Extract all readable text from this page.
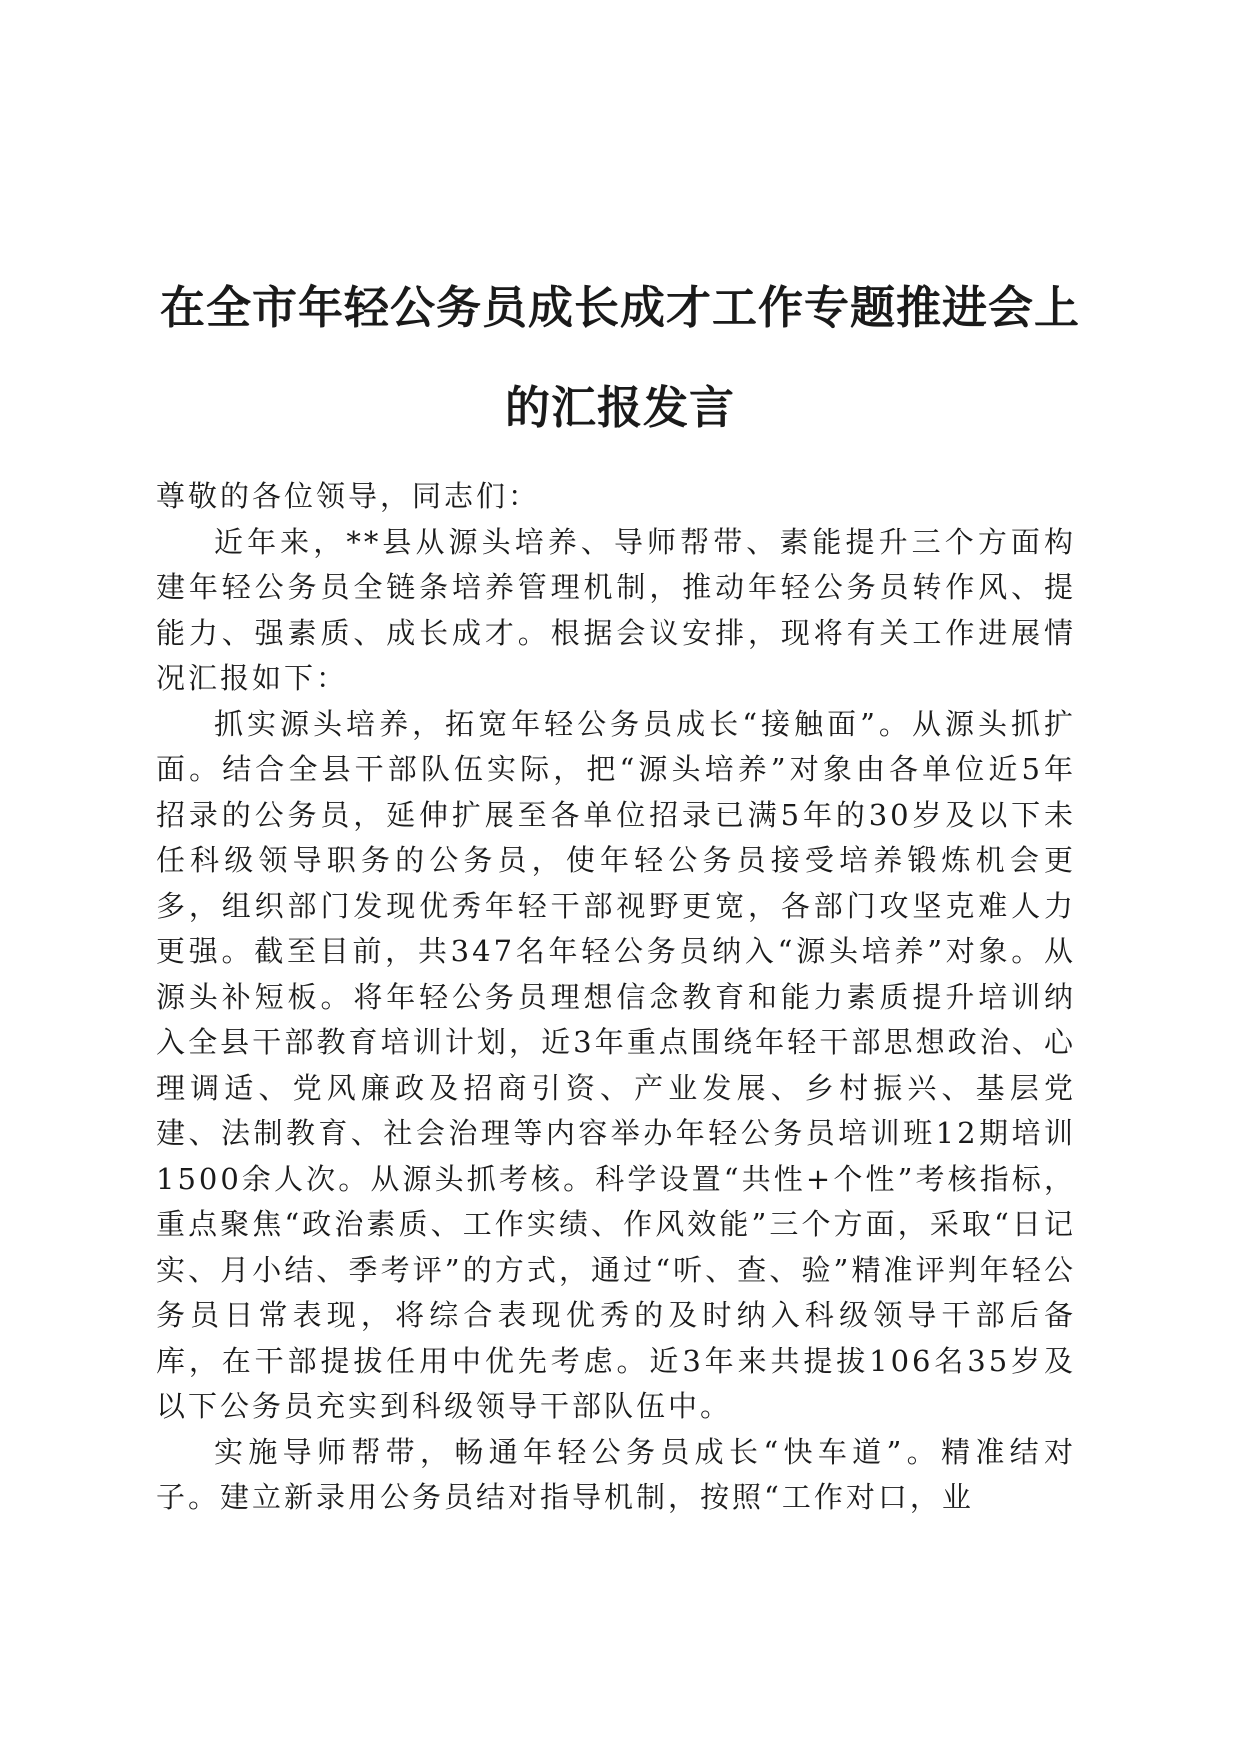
在全市年轻公务员成长成才工作专题推进会上的汇报发言

尊敬的各位领导，同志们：

近年来，**县从源头培养、导师帮带、素能提升三个方面构建年轻公务员全链条培养管理机制，推动年轻公务员转作风、提能力、强素质、成长成才。根据会议安排，现将有关工作进展情况汇报如下：

抓实源头培养，拓宽年轻公务员成长“接触面”。从源头抓扩面。结合全县干部队伍实际，把“源头培养”对象由各单位近5年招录的公务员，延伸扩展至各单位招录已满5年的30岁及以下未任科级领导职务的公务员，使年轻公务员接受培养锻炼机会更多，组织部门发现优秀年轻干部视野更宽，各部门攻坚克难人力更强。截至目前，共347名年轻公务员纳入“源头培养”对象。从源头补短板。将年轻公务员理想信念教育和能力素质提升培训纳入全县干部教育培训计划，近3年重点围绕年轻干部思想政治、心理调适、党风廉政及招商引资、产业发展、乡村振兴、基层党建、法制教育、社会治理等内容举办年轻公务员培训班12期培训1500余人次。从源头抓考核。科学设置“共性+个性”考核指标，重点聚焦“政治素质、工作实绩、作风效能”三个方面，采取“日记实、月小结、季考评”的方式，通过“听、查、验”精准评判年轻公务员日常表现，将综合表现优秀的及时纳入科级领导干部后备库，在干部提拔任用中优先考虑。近3年来共提拔106名35岁及以下公务员充实到科级领导干部队伍中。

实施导师帮带，畅通年轻公务员成长“快车道”。精准结对子。建立新录用公务员结对指导机制，按照“工作对口，业
